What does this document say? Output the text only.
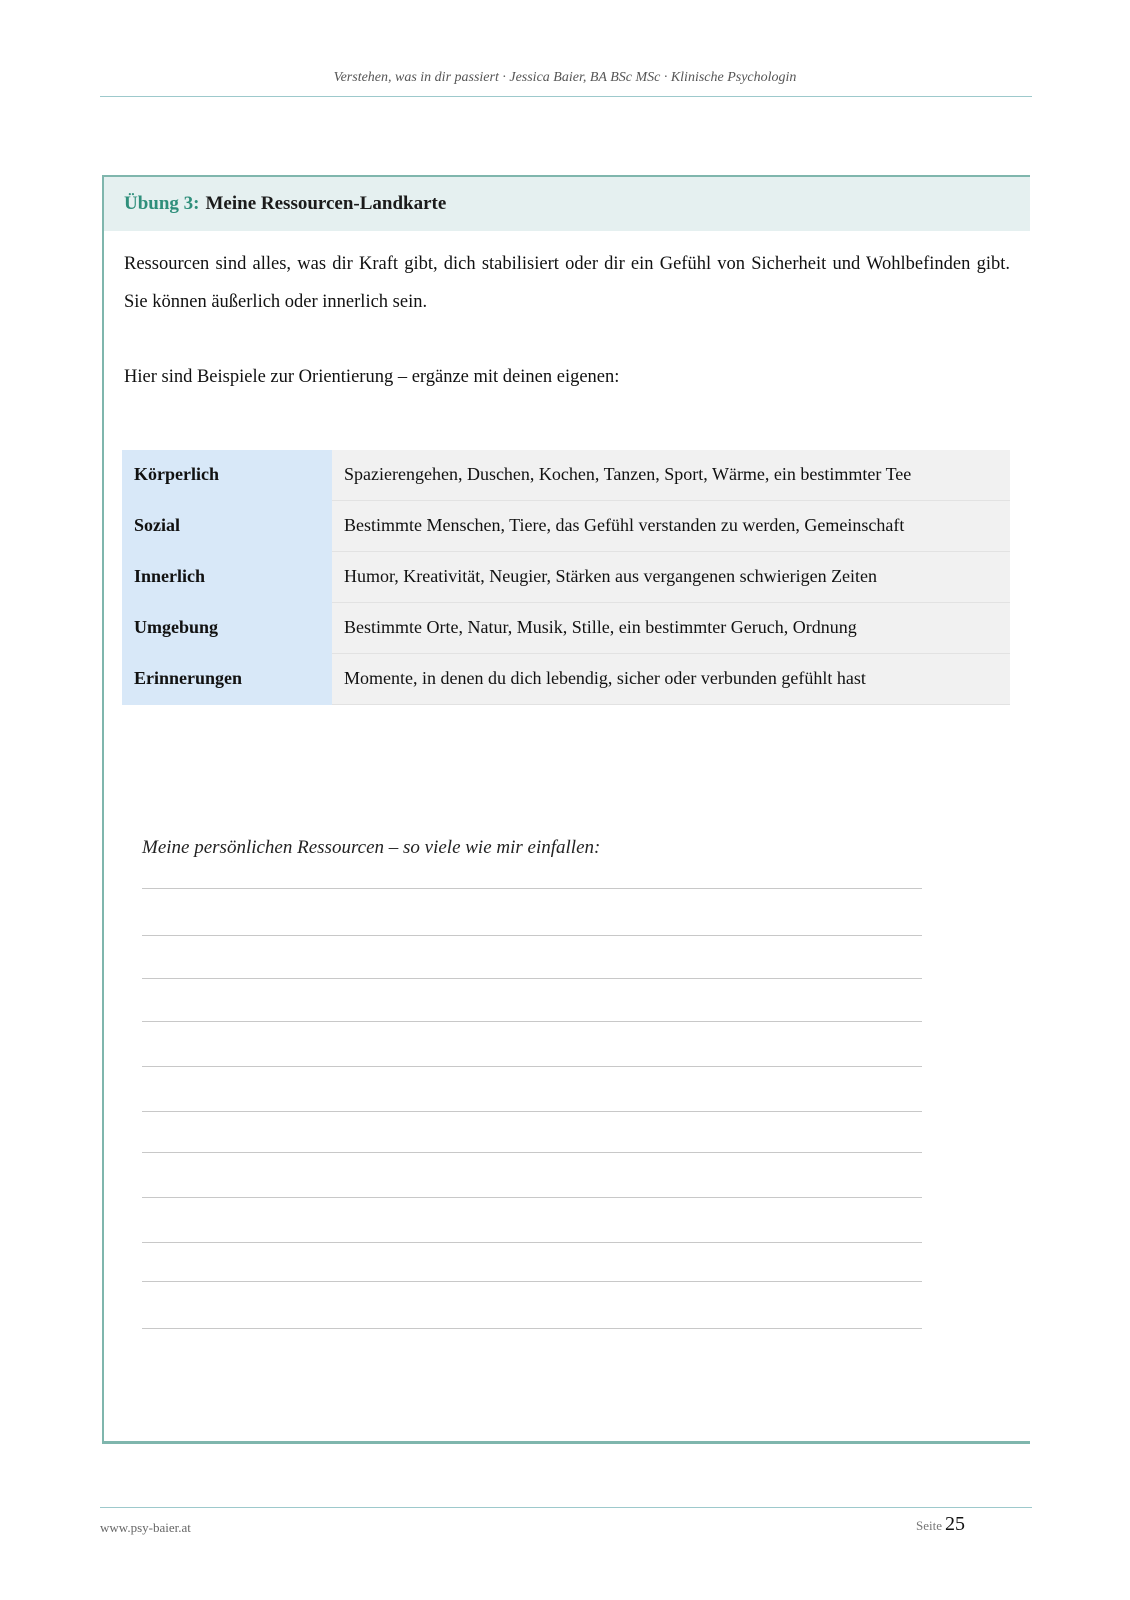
Verstehen, was in dir passiert · Jessica Baier, BA BSc MSc · Klinische Psychologin
Übung 3: Meine Ressourcen-Landkarte
Ressourcen sind alles, was dir Kraft gibt, dich stabilisiert oder dir ein Gefühl von Sicherheit und Wohlbefinden gibt. Sie können äußerlich oder innerlich sein.
Hier sind Beispiele zur Orientierung – ergänze mit deinen eigenen:
Körperlich	Spazierengehen, Duschen, Kochen, Tanzen, Sport, Wärme, ein bestimmter Tee
Sozial	Bestimmte Menschen, Tiere, das Gefühl verstanden zu werden, Gemeinschaft
Innerlich	Humor, Kreativität, Neugier, Stärken aus vergangenen schwierigen Zeiten
Umgebung	Bestimmte Orte, Natur, Musik, Stille, ein bestimmter Geruch, Ordnung
Erinnerungen	Momente, in denen du dich lebendig, sicher oder verbunden gefühlt hast
Meine persönlichen Ressourcen – so viele wie mir einfallen:
www.psy-baier.at	Seite 25
